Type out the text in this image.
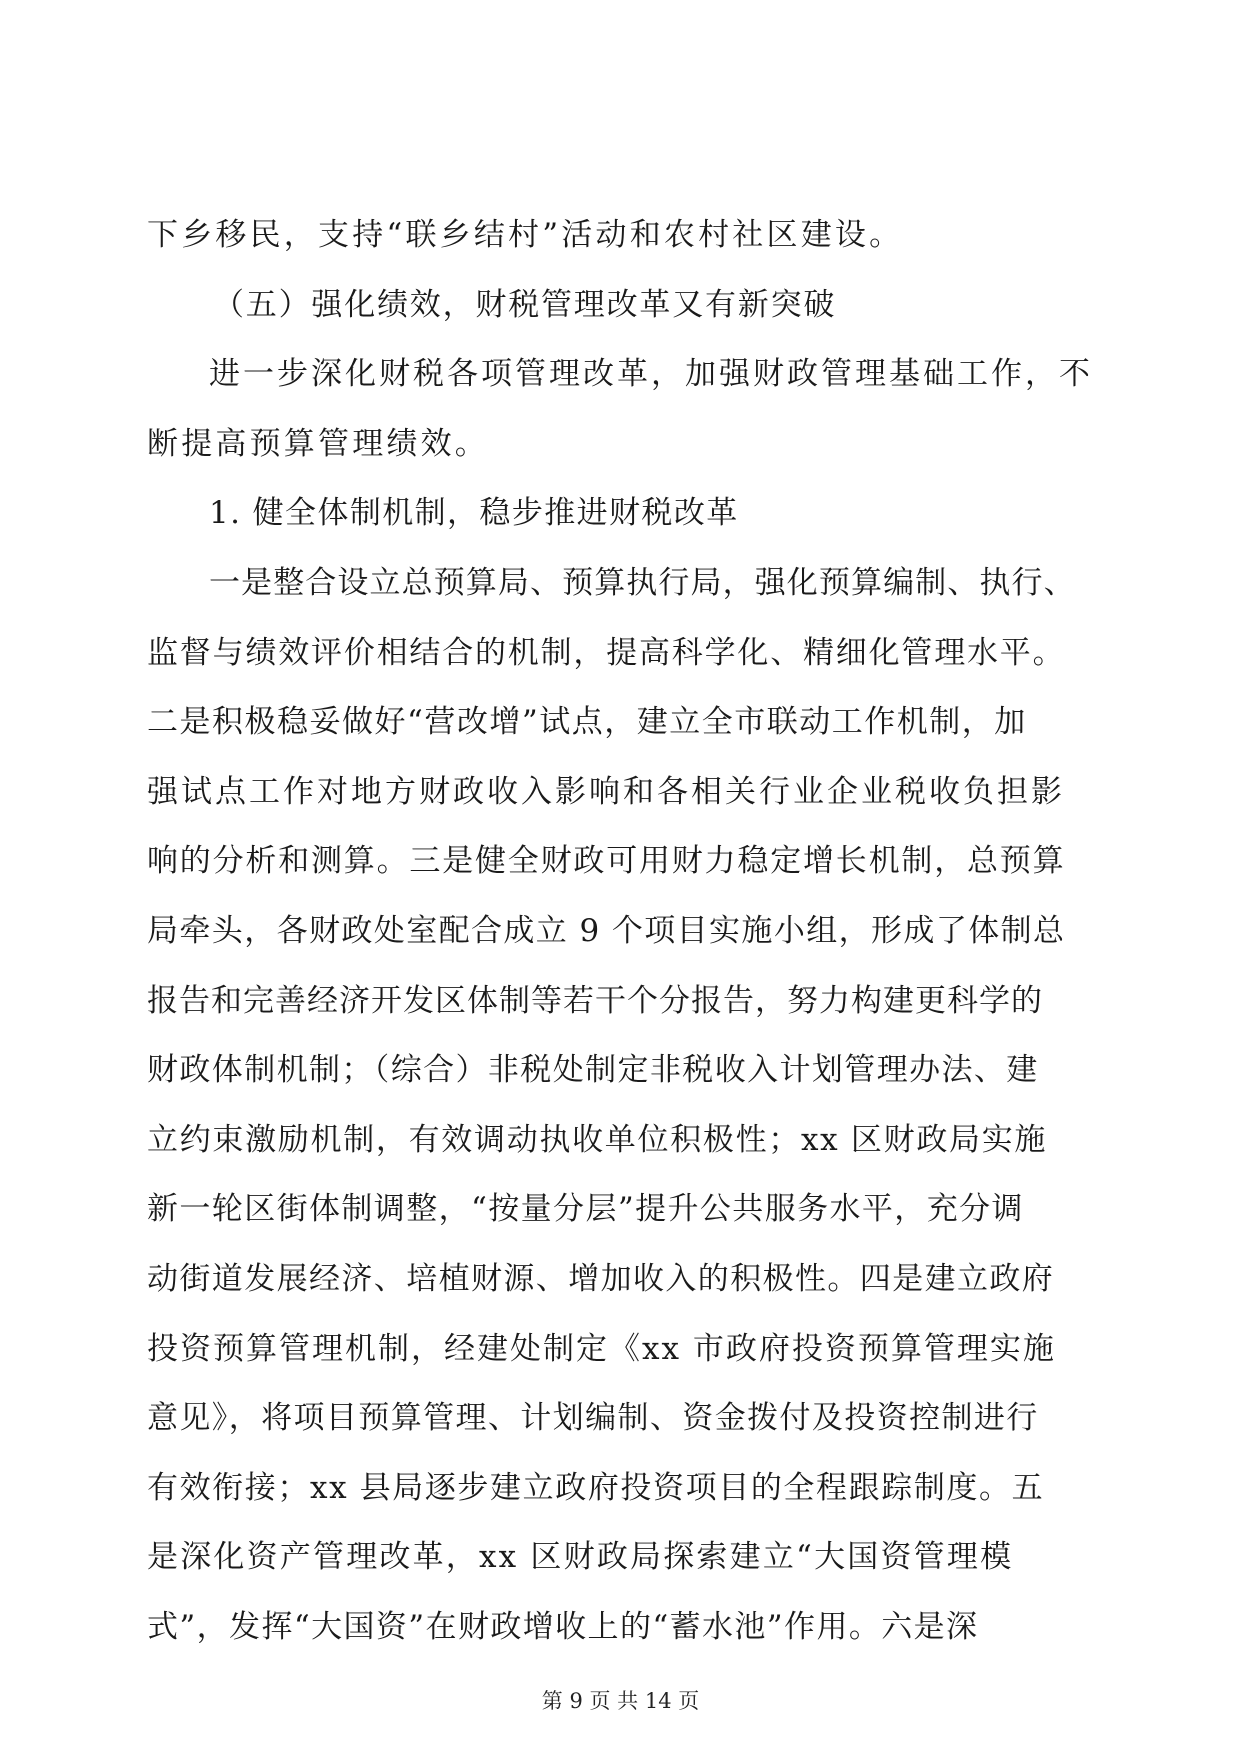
下乡移民，支持“联乡结村”活动和农村社区建设。
（五）强化绩效，财税管理改革又有新突破
进一步深化财税各项管理改革，加强财政管理基础工作，不
断提高预算管理绩效。
1. 健全体制机制，稳步推进财税改革
一是整合设立总预算局、预算执行局，强化预算编制、执行、
监督与绩效评价相结合的机制，提高科学化、精细化管理水平。
二是积极稳妥做好“营改增”试点，建立全市联动工作机制，加
强试点工作对地方财政收入影响和各相关行业企业税收负担影
响的分析和测算。三是健全财政可用财力稳定增长机制，总预算
局牵头，各财政处室配合成立 9 个项目实施小组，形成了体制总
报告和完善经济开发区体制等若干个分报告，努力构建更科学的
财政体制机制；（综合）非税处制定非税收入计划管理办法、建
立约束激励机制，有效调动执收单位积极性；xx 区财政局实施
新一轮区街体制调整，“按量分层”提升公共服务水平，充分调
动街道发展经济、培植财源、增加收入的积极性。四是建立政府
投资预算管理机制，经建处制定《xx 市政府投资预算管理实施
意见》，将项目预算管理、计划编制、资金拨付及投资控制进行
有效衔接；xx 县局逐步建立政府投资项目的全程跟踪制度。五
是深化资产管理改革，xx 区财政局探索建立“大国资管理模
式”，发挥“大国资”在财政增收上的“蓄水池”作用。六是深
第 9 页 共 14 页
